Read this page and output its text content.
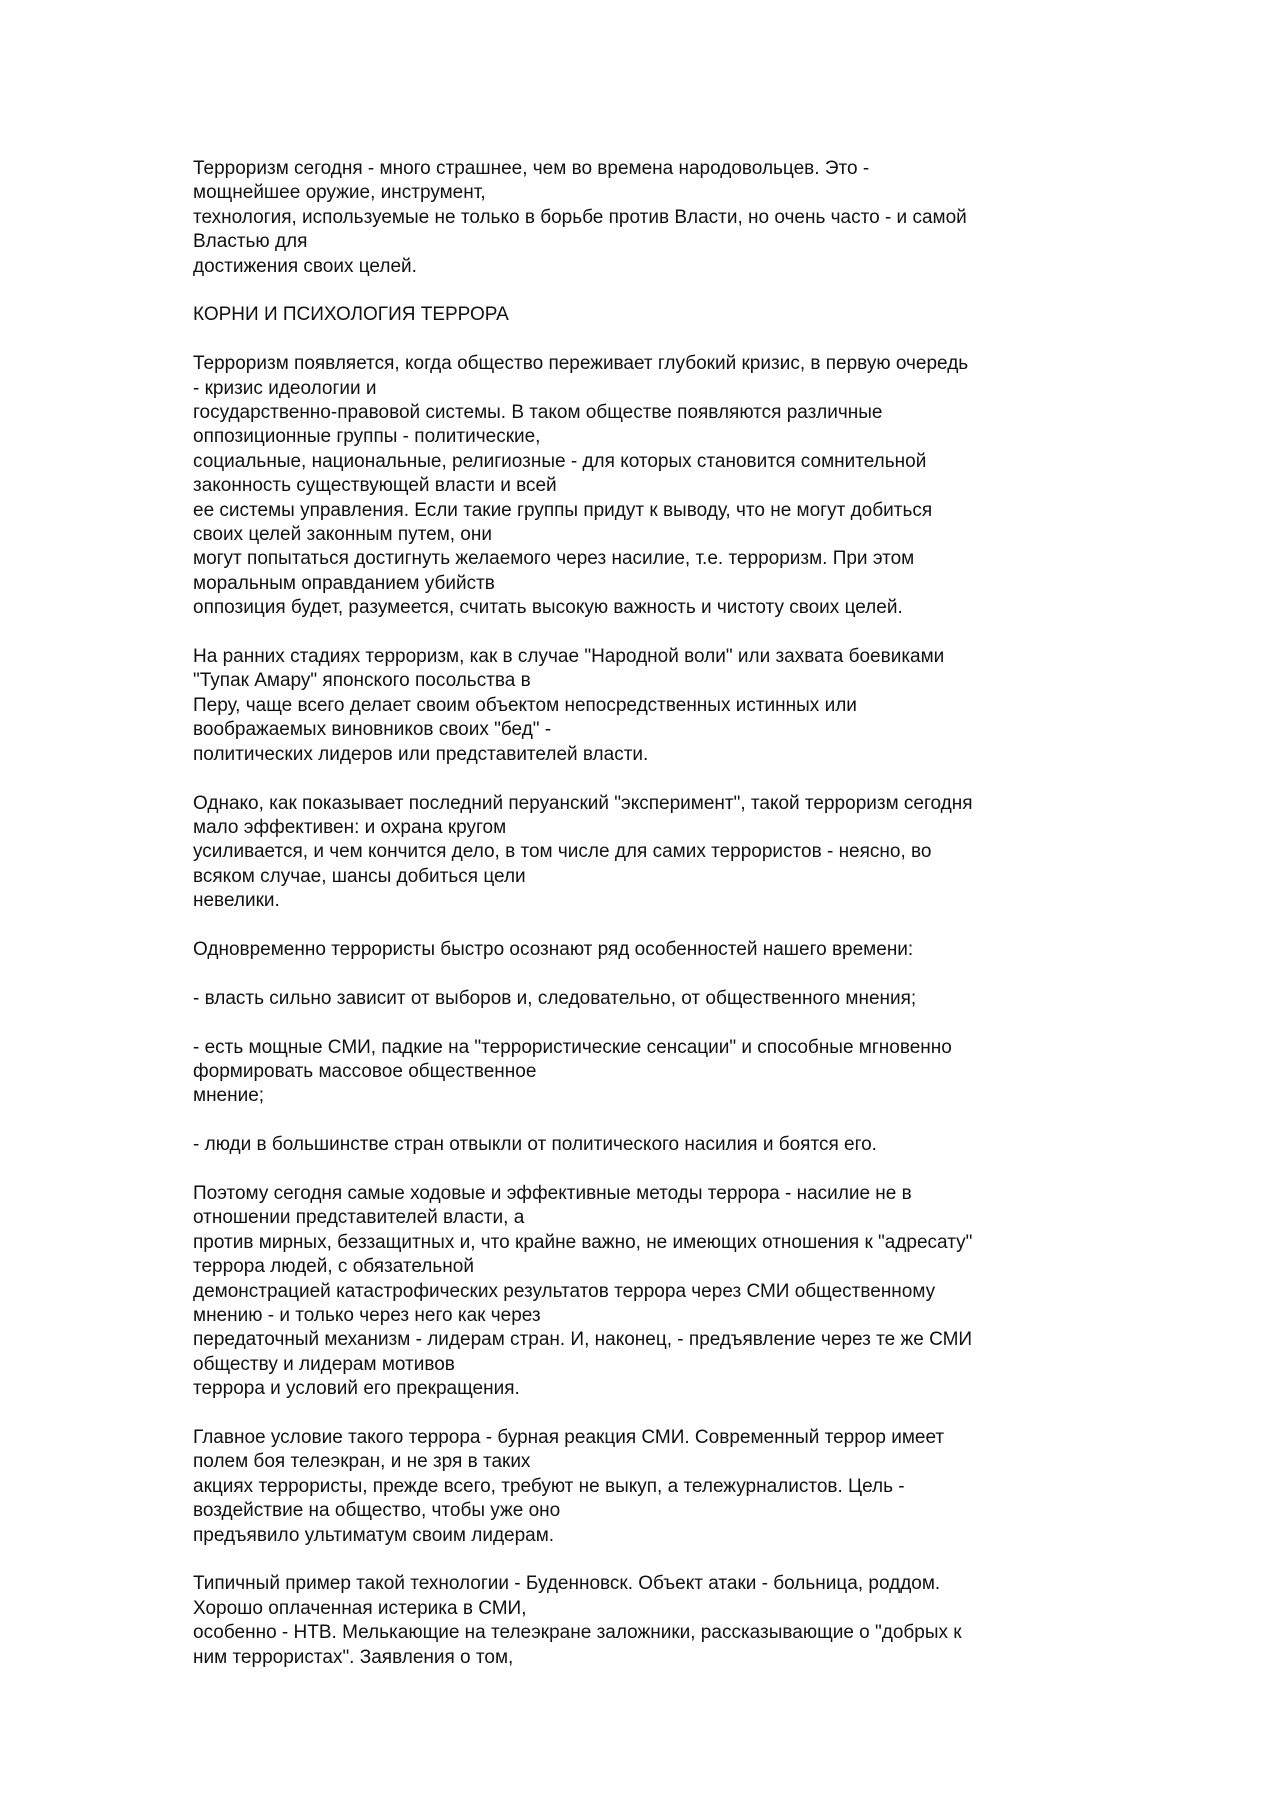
Терроризм сегодня - много страшнее, чем во времена народовольцев. Это -
мощнейшее оружие, инструмент,
технология, используемые не только в борьбе против Власти, но очень часто - и самой
Властью для
достижения своих целей.
КОРНИ И ПСИХОЛОГИЯ ТЕРРОРА
Терроризм появляется, когда общество переживает глубокий кризис, в первую очередь
- кризис идеологии и
государственно-правовой системы. В таком обществе появляются различные
оппозиционные группы - политические,
социальные, национальные, религиозные - для которых становится сомнительной
законность существующей власти и всей
ее системы управления. Если такие группы придут к выводу, что не могут добиться
своих целей законным путем, они
могут попытаться достигнуть желаемого через насилие, т.е. терроризм. При этом
моральным оправданием убийств
оппозиция будет, разумеется, считать высокую важность и чистоту своих целей.
На ранних стадиях терроризм, как в случае "Народной воли" или захвата боевиками
"Тупак Амару" японского посольства в
Перу, чаще всего делает своим объектом непосредственных истинных или
воображаемых виновников своих "бед" -
политических лидеров или представителей власти.
Однако, как показывает последний перуанский "эксперимент", такой терроризм сегодня
мало эффективен: и охрана кругом
усиливается, и чем кончится дело, в том числе для самих террористов - неясно, во
всяком случае, шансы добиться цели
невелики.
Одновременно террористы быстро осознают ряд особенностей нашего времени:
- власть сильно зависит от выборов и, следовательно, от общественного мнения;
- есть мощные СМИ, падкие на "террористические сенсации" и способные мгновенно
формировать массовое общественное
мнение;
- люди в большинстве стран отвыкли от политического насилия и боятся его.
Поэтому сегодня самые ходовые и эффективные методы террора - насилие не в
отношении представителей власти, а
против мирных, беззащитных и, что крайне важно, не имеющих отношения к "адресату"
террора людей, с обязательной
демонстрацией катастрофических результатов террора через СМИ общественному
мнению - и только через него как через
передаточный механизм - лидерам стран. И, наконец, - предъявление через те же СМИ
обществу и лидерам мотивов
террора и условий его прекращения.
Главное условие такого террора - бурная реакция СМИ. Современный террор имеет
полем боя телеэкран, и не зря в таких
акциях террористы, прежде всего, требуют не выкуп, а тележурналистов. Цель -
воздействие на общество, чтобы уже оно
предъявило ультиматум своим лидерам.
Типичный пример такой технологии - Буденновск. Объект атаки - больница, роддом.
Хорошо оплаченная истерика в СМИ,
особенно - НТВ. Мелькающие на телеэкране заложники, рассказывающие о "добрых к
ним террористах". Заявления о том,
